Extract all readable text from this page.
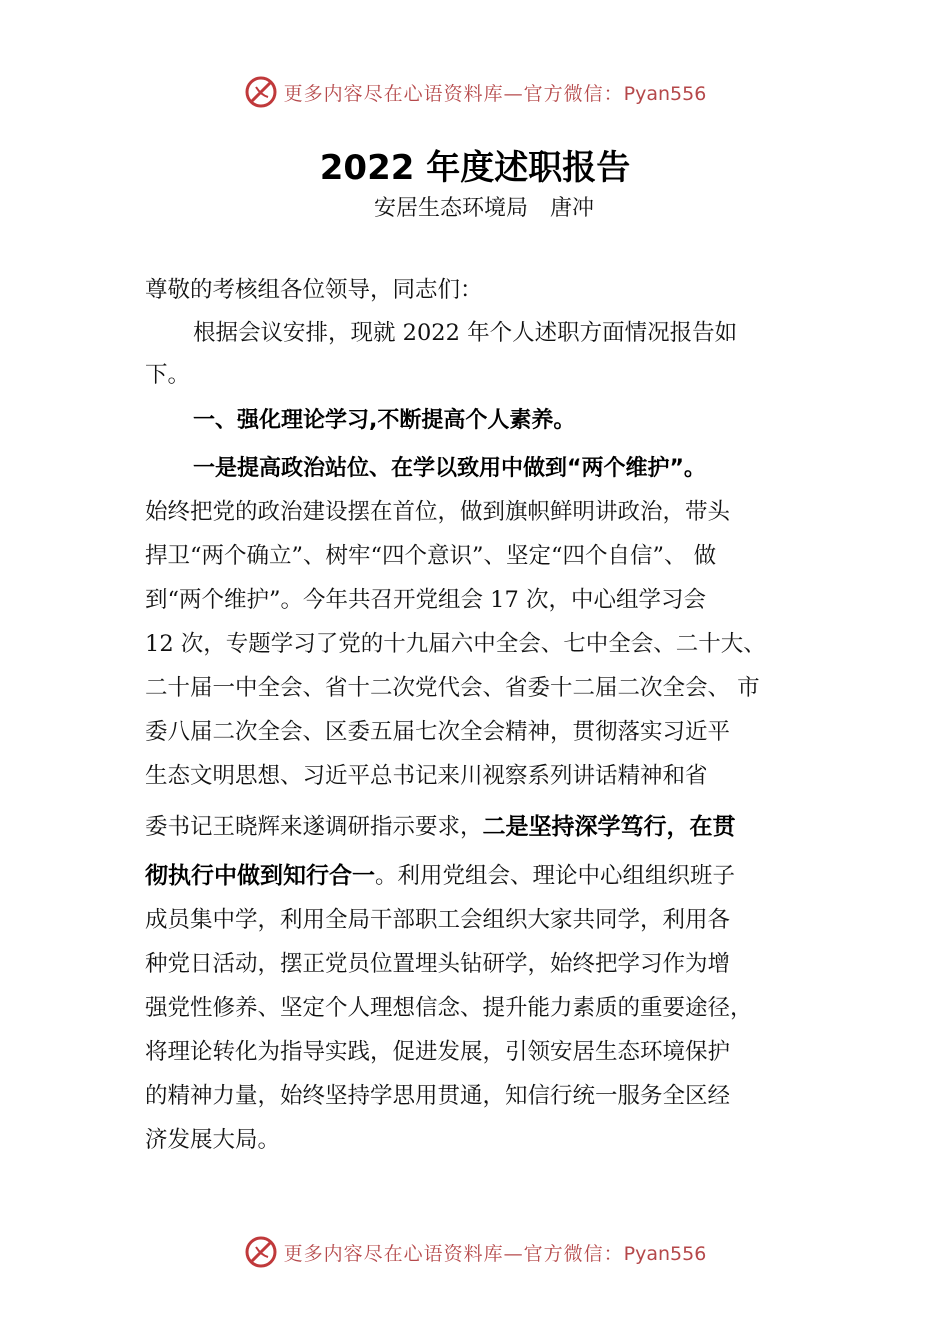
更多内容尽在心语资料库—官方微信：Pyan556
2022 年度述职报告

安居生态环境局　唐冲

尊敬的考核组各位领导，同志们：

根据会议安排，现就 2022 年个人述职方面情况报告如

下。

一、强化理论学习,不断提高个人素养。

一是提高政治站位、在学以致用中做到“两个维护”。

始终把党的政治建设摆在首位，做到旗帜鲜明讲政治，带头

捍卫“两个确立”、树牢“四个意识”、坚定“四个自信”、 做

到“两个维护”。今年共召开党组会 17 次，中心组学习会

12 次，专题学习了党的十九届六中全会、七中全会、二十大、

二十届一中全会、省十二次党代会、省委十二届二次全会、 市

委八届二次全会、区委五届七次全会精神，贯彻落实习近平

生态文明思想、习近平总书记来川视察系列讲话精神和省

委书记王晓辉来遂调研指示要求，二是坚持深学笃行，在贯

彻执行中做到知行合一。利用党组会、理论中心组组织班子

成员集中学，利用全局干部职工会组织大家共同学，利用各

种党日活动，摆正党员位置埋头钻研学，始终把学习作为增

强党性修养、坚定个人理想信念、提升能力素质的重要途径，

将理论转化为指导实践，促进发展，引领安居生态环境保护

的精神力量，始终坚持学思用贯通，知信行统一服务全区经

济发展大局。

更多内容尽在心语资料库—官方微信：Pyan556
